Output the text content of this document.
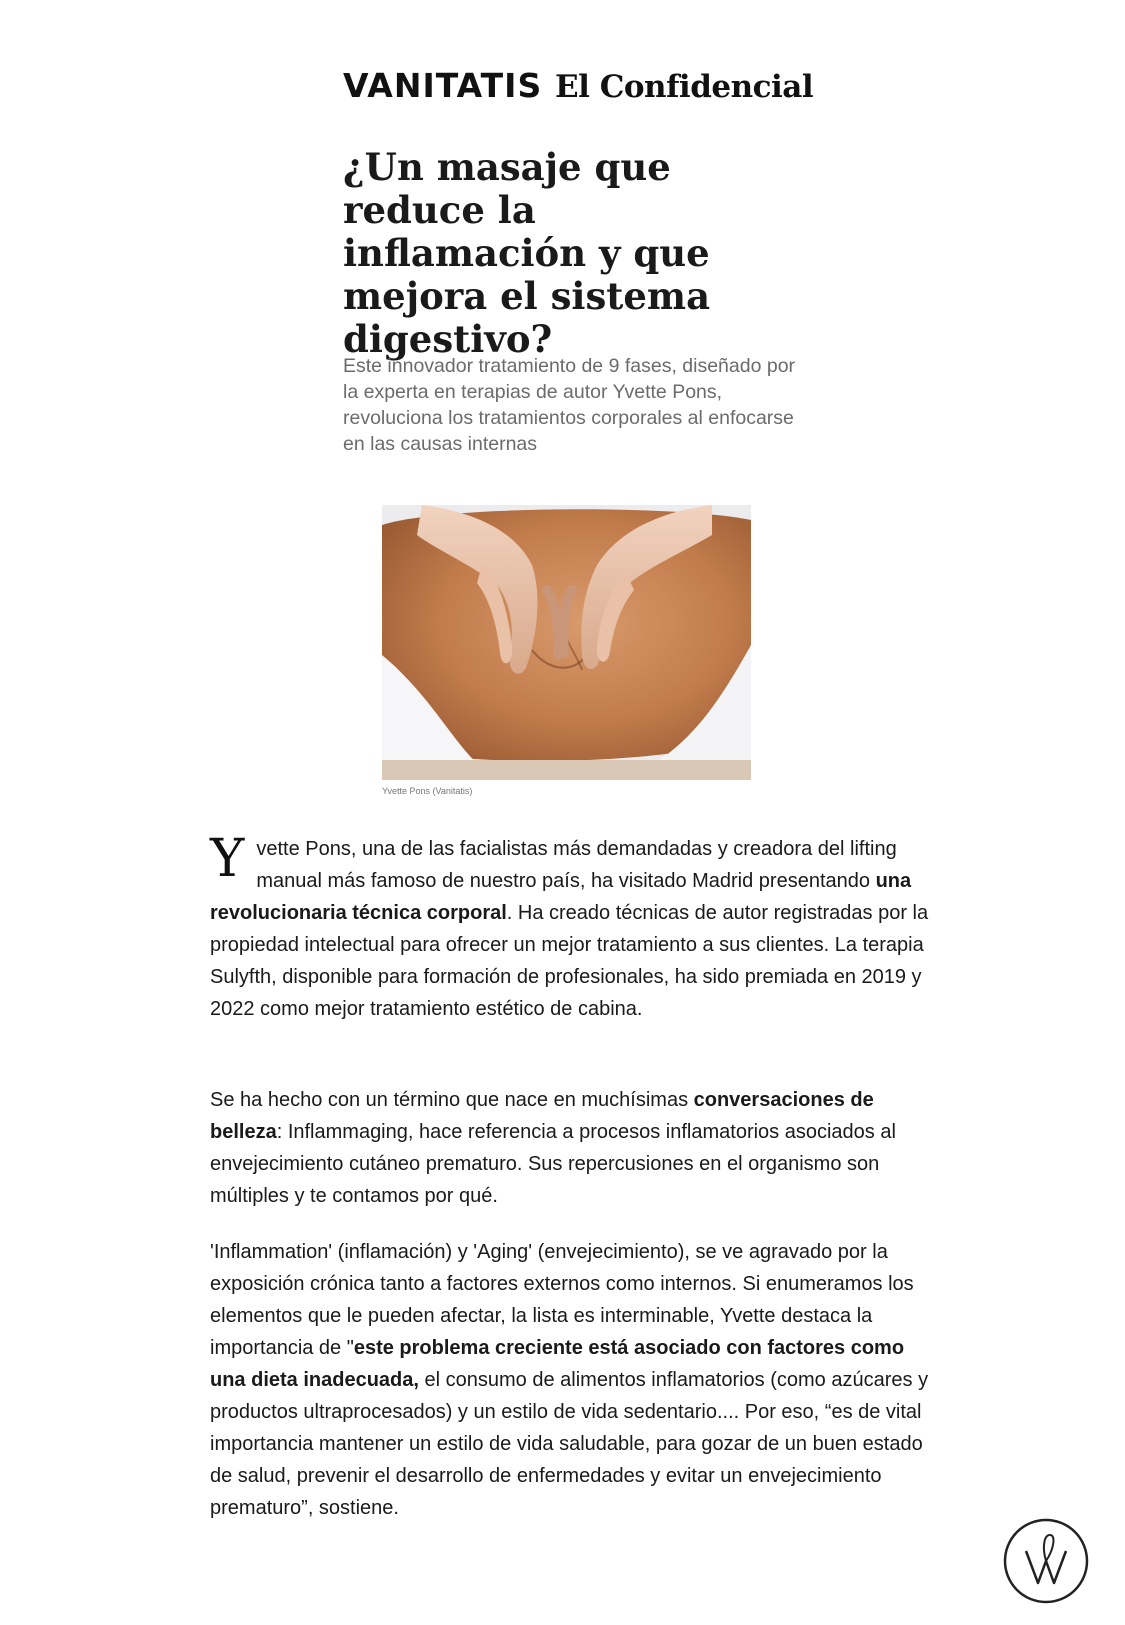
VANITATIS El Confidencial
¿Un masaje que reduce la inflamación y que mejora el sistema digestivo?

Este innovador tratamiento de 9 fases, diseñado por la experta en terapias de autor Yvette Pons, revoluciona los tratamientos corporales al enfocarse en las causas internas

Yvette Pons (Vanitatis)

Yvette Pons, una de las facialistas más demandadas y creadora del lifting manual más famoso de nuestro país, ha visitado Madrid presentando una revolucionaria técnica corporal. Ha creado técnicas de autor registradas por la propiedad intelectual para ofrecer un mejor tratamiento a sus clientes. La terapia Sulyfth, disponible para formación de profesionales, ha sido premiada en 2019 y 2022 como mejor tratamiento estético de cabina.

Se ha hecho con un término que nace en muchísimas conversaciones de belleza: Inflammaging, hace referencia a procesos inflamatorios asociados al envejecimiento cutáneo prematuro. Sus repercusiones en el organismo son múltiples y te contamos por qué.

'Inflammation' (inflamación) y 'Aging' (envejecimiento), se ve agravado por la exposición crónica tanto a factores externos como internos. Si enumeramos los elementos que le pueden afectar, la lista es interminable, Yvette destaca la importancia de "este problema creciente está asociado con factores como una dieta inadecuada, el consumo de alimentos inflamatorios (como azúcares y productos ultraprocesados) y un estilo de vida sedentario.... Por eso, “es de vital importancia mantener un estilo de vida saludable, para gozar de un buen estado de salud, prevenir el desarrollo de enfermedades y evitar un envejecimiento prematuro”, sostiene.
